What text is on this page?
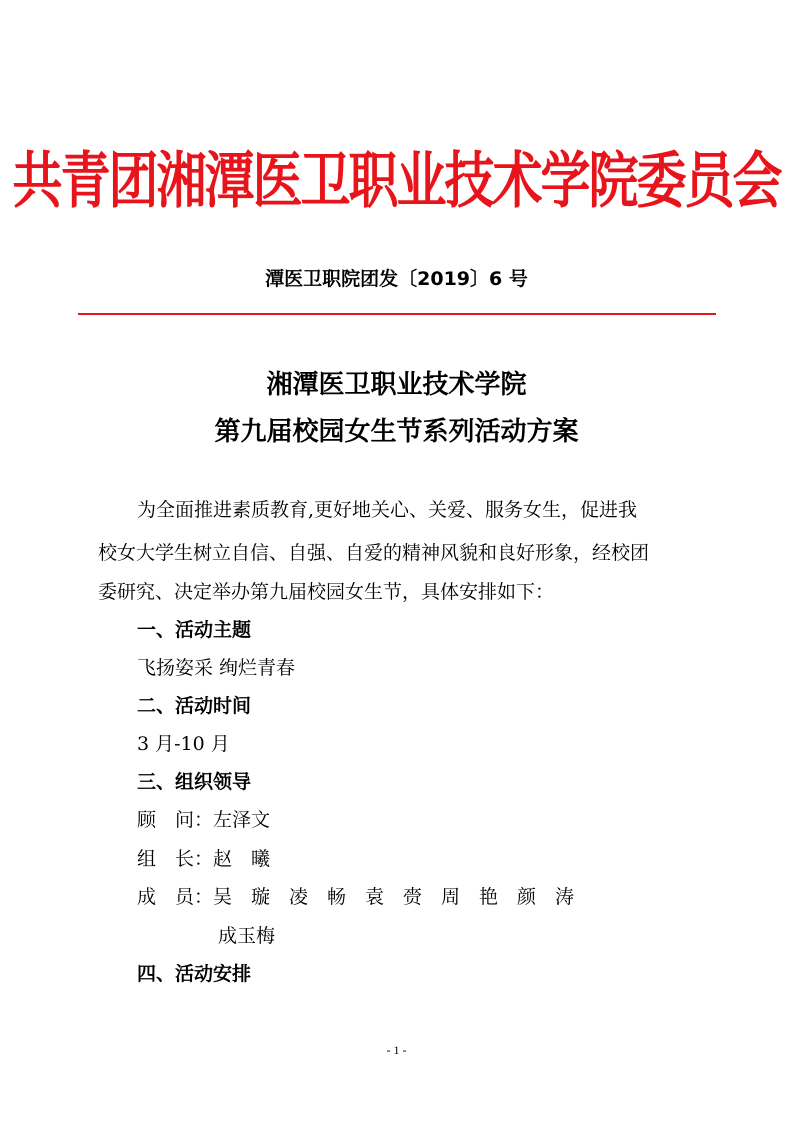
共青团湘潭医卫职业技术学院委员会
潭医卫职院团发〔2019〕6 号
湘潭医卫职业技术学院
第九届校园女生节系列活动方案
为全面推进素质教育,更好地关心、关爱、服务女生，促进我
校女大学生树立自信、自强、自爱的精神风貌和良好形象，经校团
委研究、决定举办第九届校园女生节，具体安排如下：
一、活动主题
飞扬姿采 绚烂青春
二、活动时间
3 月-10 月
三、组织领导
顾　问：左泽文
组　长：赵　曦
成　员：吴　璇　凌　畅　袁　赍　周　艳　颜　涛
成玉梅
四、活动安排
- 1 -
